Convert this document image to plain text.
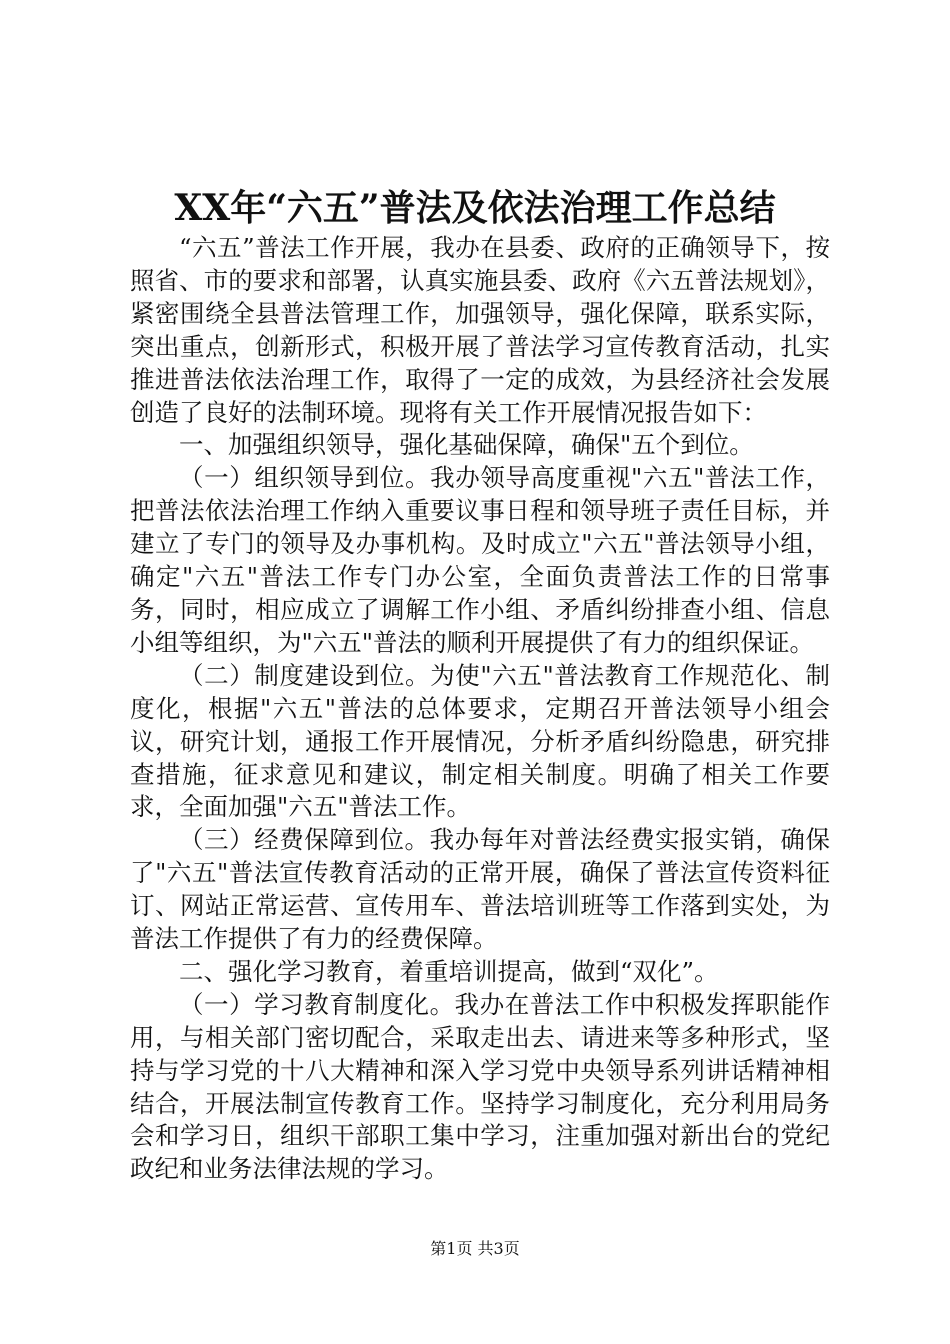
XX年“六五”普法及依法治理工作总结

“六五”普法工作开展，我办在县委、政府的正确领导下，按照省、市的要求和部署，认真实施县委、政府《六五普法规划》，紧密围绕全县普法管理工作，加强领导，强化保障，联系实际，突出重点，创新形式，积极开展了普法学习宣传教育活动，扎实推进普法依法治理工作，取得了一定的成效，为县经济社会发展创造了良好的法制环境。现将有关工作开展情况报告如下：

一、加强组织领导，强化基础保障，确保"五个到位。

（一）组织领导到位。我办领导高度重视"六五"普法工作，把普法依法治理工作纳入重要议事日程和领导班子责任目标，并建立了专门的领导及办事机构。及时成立"六五"普法领导小组，确定"六五"普法工作专门办公室，全面负责普法工作的日常事务，同时，相应成立了调解工作小组、矛盾纠纷排查小组、信息小组等组织，为"六五"普法的顺利开展提供了有力的组织保证。

（二）制度建设到位。为使"六五"普法教育工作规范化、制度化，根据"六五"普法的总体要求，定期召开普法领导小组会议，研究计划，通报工作开展情况，分析矛盾纠纷隐患，研究排查措施，征求意见和建议，制定相关制度。明确了相关工作要求，全面加强"六五"普法工作。

（三）经费保障到位。我办每年对普法经费实报实销，确保了"六五"普法宣传教育活动的正常开展，确保了普法宣传资料征订、网站正常运营、宣传用车、普法培训班等工作落到实处，为普法工作提供了有力的经费保障。

二、强化学习教育，着重培训提高，做到“双化”。

（一）学习教育制度化。我办在普法工作中积极发挥职能作用，与相关部门密切配合，采取走出去、请进来等多种形式，坚持与学习党的十八大精神和深入学习党中央领导系列讲话精神相结合，开展法制宣传教育工作。坚持学习制度化，充分利用局务会和学习日，组织干部职工集中学习，注重加强对新出台的党纪政纪和业务法律法规的学习。

第1页 共3页
